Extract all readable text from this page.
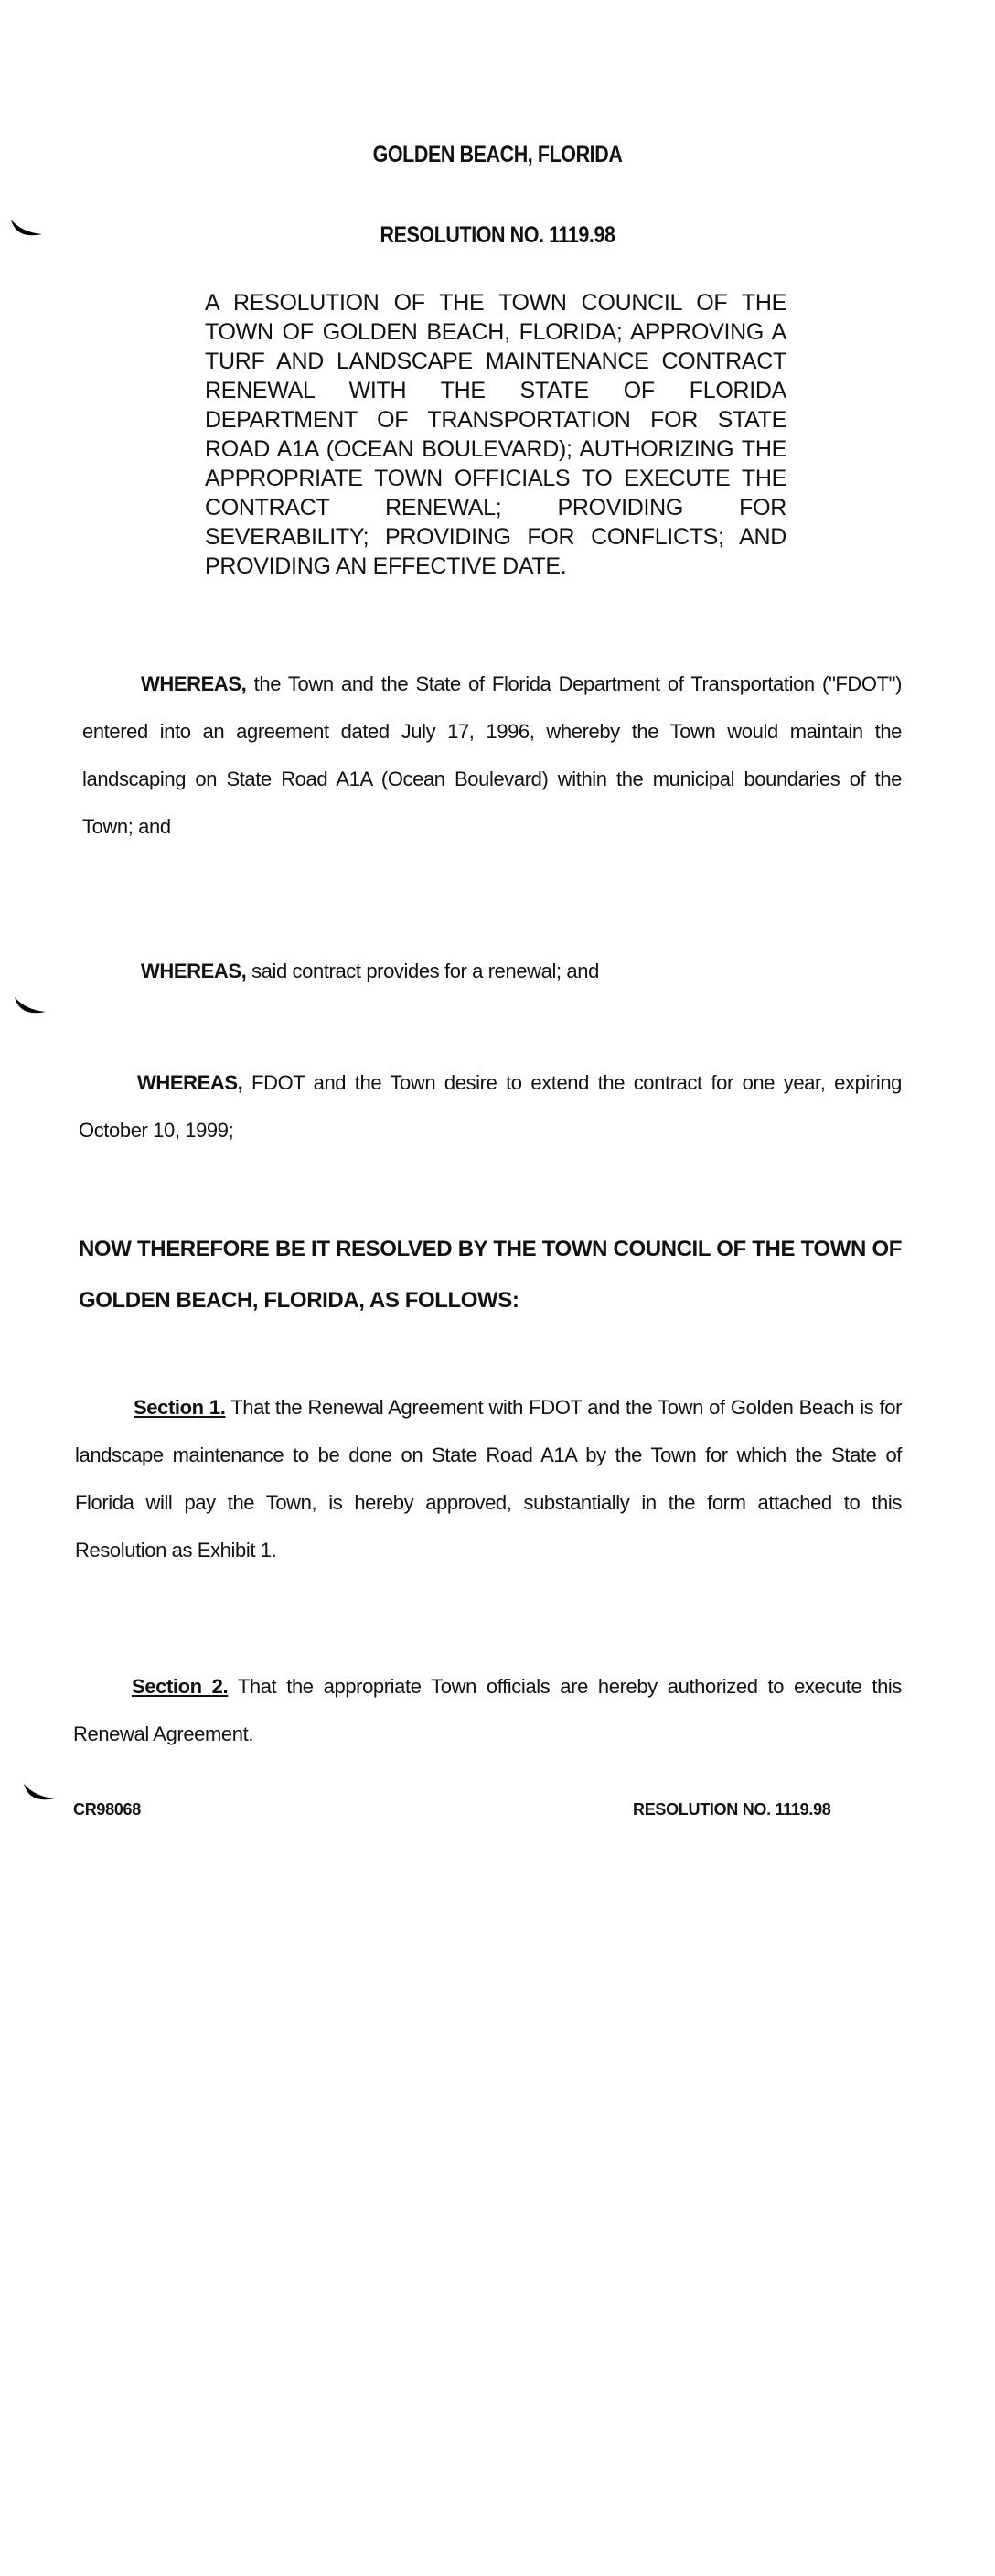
GOLDEN BEACH, FLORIDA
RESOLUTION NO. 1119.98
A RESOLUTION OF THE TOWN COUNCIL OF THE TOWN OF GOLDEN BEACH, FLORIDA; APPROVING A TURF AND LANDSCAPE MAINTENANCE CONTRACT RENEWAL WITH THE STATE OF FLORIDA DEPARTMENT OF TRANSPORTATION FOR STATE ROAD A1A (OCEAN BOULEVARD); AUTHORIZING THE APPROPRIATE TOWN OFFICIALS TO EXECUTE THE CONTRACT RENEWAL; PROVIDING FOR SEVERABILITY; PROVIDING FOR CONFLICTS; AND PROVIDING AN EFFECTIVE DATE.
WHEREAS, the Town and the State of Florida Department of Transportation ("FDOT") entered into an agreement dated July 17, 1996, whereby the Town would maintain the landscaping on State Road A1A (Ocean Boulevard) within the municipal boundaries of the Town; and
WHEREAS, said contract provides for a renewal; and
WHEREAS, FDOT and the Town desire to extend the contract for one year, expiring October 10, 1999;
NOW THEREFORE BE IT RESOLVED BY THE TOWN COUNCIL OF THE TOWN OF GOLDEN BEACH, FLORIDA, AS FOLLOWS:
Section 1. That the Renewal Agreement with FDOT and the Town of Golden Beach is for landscape maintenance to be done on State Road A1A by the Town for which the State of Florida will pay the Town, is hereby approved, substantially in the form attached to this Resolution as Exhibit 1.
Section 2. That the appropriate Town officials are hereby authorized to execute this Renewal Agreement.
CR98068	RESOLUTION NO. 1119.98
